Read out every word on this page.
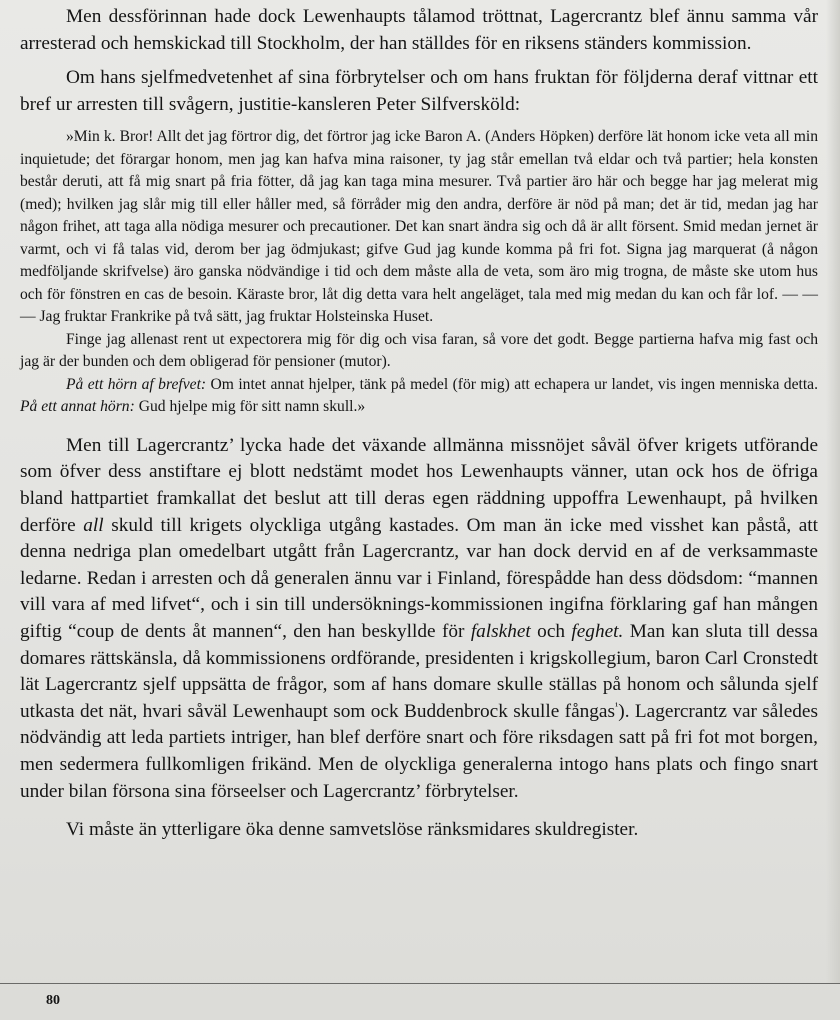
Men dessförinnan hade dock Lewenhaupts tålamod tröttnat, Lagercrantz blef ännu samma vår arresterad och hemskickad till Stockholm, der han ställdes för en riksens ständers kommission.

Om hans sjelfmedvetenhet af sina förbrytelser och om hans fruktan för följderna deraf vittnar ett bref ur arresten till svågern, justitie-kansleren Peter Silfversköld:

»Min k. Bror! Allt det jag förtror dig, det förtror jag icke Baron A. (Anders Höpken) derföre lät honom icke veta all min inquietude; det förargar honom, men jag kan hafva mina raisoner, ty jag står emellan två eldar och två partier; hela konsten består deruti, att få mig snart på fria fötter, då jag kan taga mina mesurer. Två partier äro här och begge har jag melerat mig (med); hvilken jag slår mig till eller håller med, så förråder mig den andra, derföre är nöd på man; det är tid, medan jag har någon frihet, att taga alla nödiga mesurer och precautioner. Det kan snart ändra sig och då är allt försent. Smid medan jernet är varmt, och vi få talas vid, derom ber jag ödmjukast; gifve Gud jag kunde komma på fri fot. Signa jag marquerat (å någon medföljande skrifvelse) äro ganska nödvändige i tid och dem måste alla de veta, som äro mig trogna, de måste ske utom hus och för fönstren en cas de besoin. Käraste bror, låt dig detta vara helt angeläget, tala med mig medan du kan och får lof. — — — Jag fruktar Frankrike på två sätt, jag fruktar Holsteinska Huset.

Finge jag allenast rent ut expectorera mig för dig och visa faran, så vore det godt. Begge partierna hafva mig fast och jag är der bunden och dem obligerad för pensioner (mutor).

På ett hörn af brefvet: Om intet annat hjelper, tänk på medel (för mig) att echapera ur landet, vis ingen menniska detta. På ett annat hörn: Gud hjelpe mig för sitt namn skull.»

Men till Lagercrantz’ lycka hade det växande allmänna missnöjet såväl öfver krigets utförande som öfver dess anstiftare ej blott nedstämt modet hos Lewenhaupts vänner, utan ock hos de öfriga bland hattpartiet framkallat det beslut att till deras egen räddning uppoffra Lewenhaupt, på hvilken derföre all skuld till krigets olyckliga utgång kastades. Om man än icke med visshet kan påstå, att denna nedriga plan omedelbart utgått från Lagercrantz, var han dock dervid en af de verksammaste ledarne. Redan i arresten och då generalen ännu var i Finland, förespådde han dess dödsdom: “mannen vill vara af med lifvet“, och i sin till undersöknings-kommissionen ingifna förklaring gaf han mången giftig “coup de dents åt mannen“, den han beskyllde för falskhet och feghet. Man kan sluta till dessa domares rättskänsla, då kommissionens ordförande, presidenten i krigskollegium, baron Carl Cronstedt lät Lagercrantz sjelf uppsätta de frågor, som af hans domare skulle ställas på honom och sålunda sjelf utkasta det nät, hvari såväl Lewenhaupt som ock Buddenbrock skulle fångas$^{^1}$). Lagercrantz var således nödvändig att leda partiets intriger, han blef derföre snart och före riksdagen satt på fri fot mot borgen, men sedermera fullkomligen frikänd. Men de olyckliga generalerna intogo hans plats och fingo snart under bilan försona sina förseelser och Lagercrantz’ förbrytelser.

Vi måste än ytterligare öka denne samvetslöse ränksmidares skuldregister.

80
